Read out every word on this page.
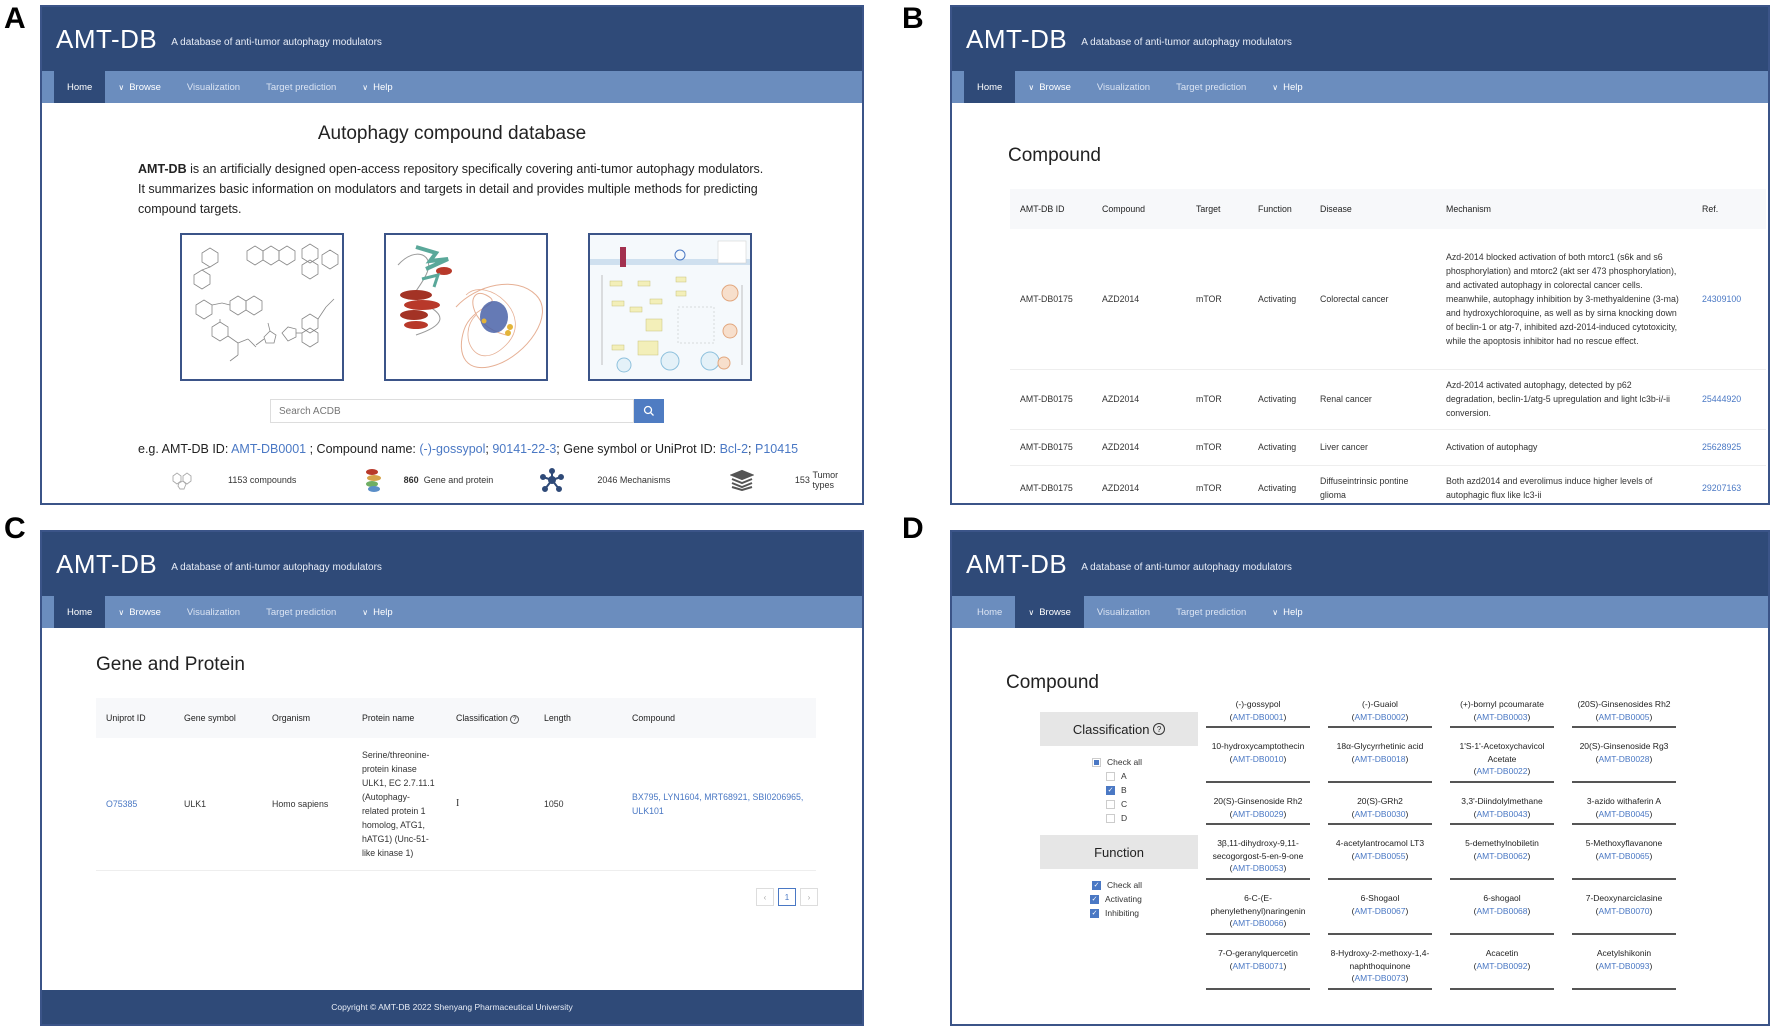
A	B
C	D
AMT-DB A database of anti-tumor autophagy modulators
Home	∨ Browse	Visualization	Target prediction	∨ Help
Autophagy compound database

AMT-DB is an artificially designed open-access repository specifically covering anti-tumor autophagy modulators. It summarizes basic information on modulators and targets in detail and provides multiple methods for predicting compound targets.

Search ACDB
e.g. AMT-DB ID: AMT-DB0001 ; Compound name: (-)-gossypol; 90141-22-3; Gene symbol or UniProt ID: Bcl-2; P10415
1153
compounds	860
Gene and protein	2046
Mechanisms	153
Tumor types
AMT-DB A database of anti-tumor autophagy modulators
Home	∨ Browse	Visualization	Target prediction	∨ Help
Compound
AMT-DB ID	Compound	Target	Function	Disease	Mechanism	Ref.
AMT-DB0175	AZD2014	mTOR	Activating	Colorectal cancer	Azd-2014 blocked activation of both mtorc1 (s6k and s6 phosphorylation) and mtorc2 (akt ser 473 phosphorylation), and activated autophagy in colorectal cancer cells. meanwhile, autophagy inhibition by 3-methyaldenine (3-ma) and hydroxychloroquine, as well as by sirna knocking down of beclin-1 or atg-7, inhibited azd-2014-induced cytotoxicity, while the apoptosis inhibitor had no rescue effect.	24309100
AMT-DB0175	AZD2014	mTOR	Activating	Renal cancer	Azd-2014 activated autophagy, detected by p62 degradation, beclin-1/atg-5 upregulation and light lc3b-i/-ii conversion.	25444920
AMT-DB0175	AZD2014	mTOR	Activating	Liver cancer	Activation of autophagy	25628925
AMT-DB0175	AZD2014	mTOR	Activating	Diffuseintrinsic pontine glioma	Both azd2014 and everolimus induce higher levels of autophagic flux like lc3-ii	29207163
AMT-DB A database of anti-tumor autophagy modulators
Home	∨ Browse	Visualization	Target prediction	∨ Help
Gene and Protein
Uniprot ID	Gene symbol	Organism	Protein name	Classification ?	Length	Compound
O75385	ULK1	Homo sapiens	Serine/threonine-protein kinase ULK1, EC 2.7.11.1 (Autophagy-related protein 1 homolog, ATG1, hATG1) (Unc-51-like kinase 1)	I	1050	BX795, LYN1604, MRT68921, SBI0206965, ULK101
‹	1	›
Copyright © AMT-DB 2022 Shenyang Pharmaceutical University
AMT-DB A database of anti-tumor autophagy modulators
Home	∨ Browse	Visualization	Target prediction	∨ Help
Compound
Classification
?
Check all
A
✓ B
C
D
Function
✓ Check all
✓ Activating
✓ Inhibiting
(-)-gossypol
(AMT-DB0001)
(-)-Guaiol
(AMT-DB0002)
(+)-bornyl pcoumarate
(AMT-DB0003)
(20S)-Ginsenosides Rh2
(AMT-DB0005)
10-hydroxycamptothecin
(AMT-DB0010)
18α-Glycyrrhetinic acid
(AMT-DB0018)
1'S-1'-Acetoxychavicol Acetate
(AMT-DB0022)
20(S)-Ginsenoside Rg3
(AMT-DB0028)
20(S)-Ginsenoside Rh2
(AMT-DB0029)
20(S)-GRh2
(AMT-DB0030)
3,3'-Diindolylmethane
(AMT-DB0043)
3-azido withaferin A
(AMT-DB0045)
3β,11-dihydroxy-9,11-secogorgost-5-en-9-one
(AMT-DB0053)
4-acetylantrocamol LT3
(AMT-DB0055)
5-demethylnobiletin
(AMT-DB0062)
5-Methoxyflavanone
(AMT-DB0065)
6-C-(E-phenylethenyl)naringenin
(AMT-DB0066)
6-Shogaol
(AMT-DB0067)
6-shogaol
(AMT-DB0068)
7-Deoxynarciclasine
(AMT-DB0070)
7-O-geranylquercetin
(AMT-DB0071)
8-Hydroxy-2-methoxy-1,4-naphthoquinone
(AMT-DB0073)
Acacetin
(AMT-DB0092)
Acetylshikonin
(AMT-DB0093)
